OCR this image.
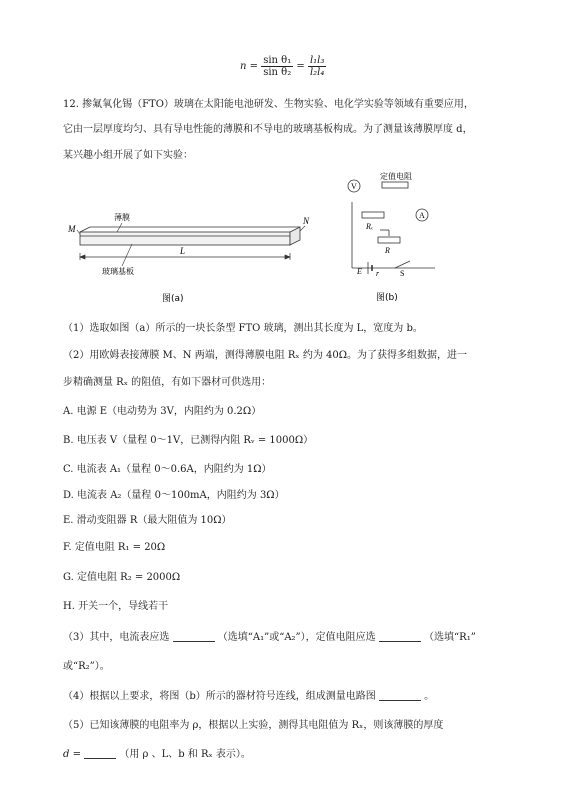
$n = \frac{\text{sin θ₁}}{\text{sin θ₂}} = \frac{\text{l₁l₃}}{\text{l₂l₄}}$
12. 掺氟氧化锡（FTO）玻璃在太阳能电池研发、生物实验、电化学实验等领域有重要应用，
它由一层厚度均匀、具有导电性能的薄膜和不导电的玻璃基板构成。为了测量该薄膜厚度 d，
某兴趣小组开展了如下实验：
M
薄膜	N
L
玻璃基板
图(a)
V
定值电阻
A
Rₓ
R
E r	S
图(b)
（1）选取如图（a）所示的一块长条型 FTO 玻璃，测出其长度为 L，宽度为 b。
（2）用欧姆表接薄膜 M、N 两端，测得薄膜电阻 Rₓ 约为 40Ω。为了获得多组数据，进一
步精确测量 Rₓ 的阻值，有如下器材可供选用：
A. 电源 E（电动势为 3V，内阻约为 0.2Ω）
B. 电压表 V（量程 0～1V，已测得内阻 Rᵥ = 1000Ω）
C. 电流表 A₁（量程 0～0.6A，内阻约为 1Ω）
D. 电流表 A₂（量程 0～100mA，内阻约为 3Ω）
E. 滑动变阻器 R（最大阻值为 10Ω）
F. 定值电阻 R₁ = 20Ω
G. 定值电阻 R₂ = 2000Ω
H. 开关一个，导线若干
（3）其中，电流表应选	（选填“A₁”或“A₂”），定值电阻应选	（选填“R₁”
或“R₂”）。
（4）根据以上要求，将图（b）所示的器材符号连线，组成测量电路图	。
（5）已知该薄膜的电阻率为 ρ，根据以上实验，测得其电阻值为 Rₓ，则该薄膜的厚度
d =	（用 ρ 、L、b 和 Rₓ 表示）。
